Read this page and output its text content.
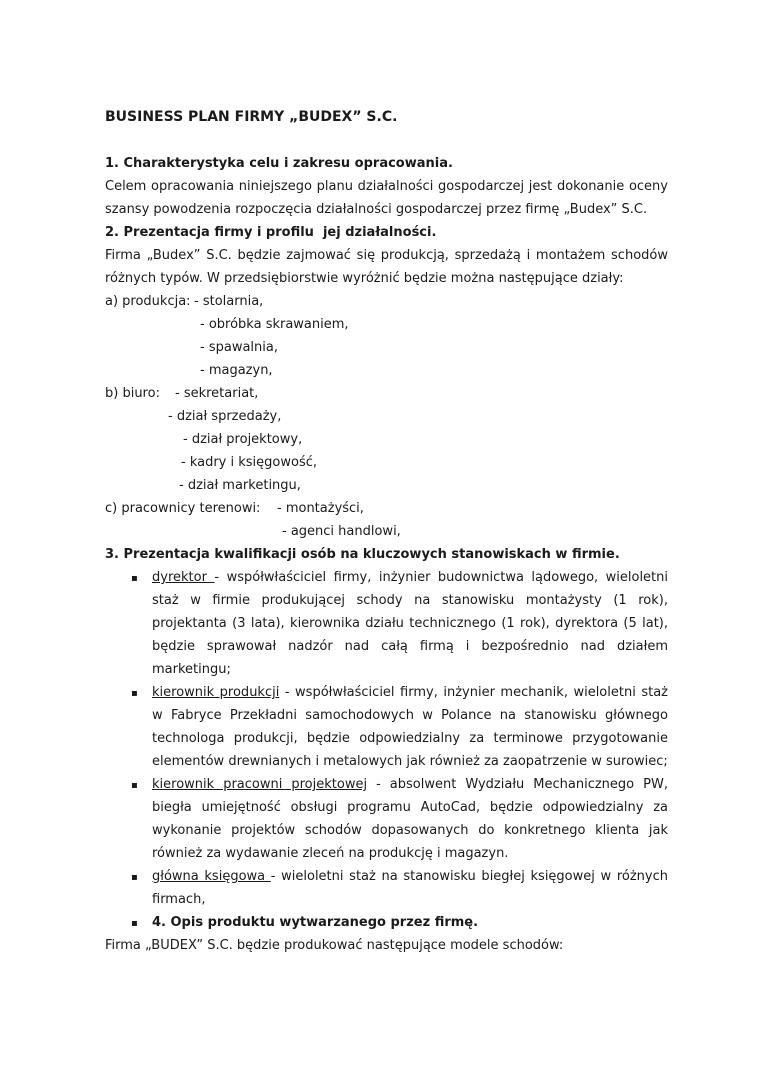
BUSINESS PLAN FIRMY „BUDEX” S.C.
1. Charakterystyka celu i zakresu opracowania.

Celem opracowania niniejszego planu działalności gospodarczej jest dokonanie oceny szansy powodzenia rozpoczęcia działalności gospodarczej przez firmę „Budex” S.C.

2. Prezentacja firmy i profilu  jej działalności.

Firma „Budex” S.C. będzie zajmować się produkcją, sprzedażą i montażem schodów różnych typów. W przedsiębiorstwie wyróżnić będzie można następujące działy:

a) produkcja: - stolarnia,
- obróbka skrawaniem,
- spawalnia,
- magazyn,
b) biuro: - sekretariat,
- dział sprzedaży,
- dział projektowy,
- kadry i księgowość,
- dział marketingu,
c) pracownicy terenowi: - montażyści,
- agenci handlowi,
3. Prezentacja kwalifikacji osób na kluczowych stanowiskach w firmie.
▪ dyrektor - współwłaściciel firmy, inżynier budownictwa lądowego, wieloletni staż w firmie produkującej schody na stanowisku montażysty (1 rok), projektanta (3 lata), kierownika działu technicznego (1 rok), dyrektora (5 lat), będzie sprawował nadzór nad całą firmą i bezpośrednio nad działem marketingu;
▪ kierownik produkcji - współwłaściciel firmy, inżynier mechanik, wieloletni staż w Fabryce Przekładni samochodowych w Polance na stanowisku głównego technologa produkcji, będzie odpowiedzialny za terminowe przygotowanie elementów drewnianych i metalowych jak również za zaopatrzenie w surowiec;
▪ kierownik pracowni projektowej - absolwent Wydziału Mechanicznego PW, biegła umiejętność obsługi programu AutoCad, będzie odpowiedzialny za wykonanie projektów schodów dopasowanych do konkretnego klienta jak również za wydawanie zleceń na produkcję i magazyn.
▪ główna księgowa - wieloletni staż na stanowisku biegłej księgowej w różnych firmach,
▪ 4. Opis produktu wytwarzanego przez firmę.

Firma „BUDEX” S.C. będzie produkować następujące modele schodów:
